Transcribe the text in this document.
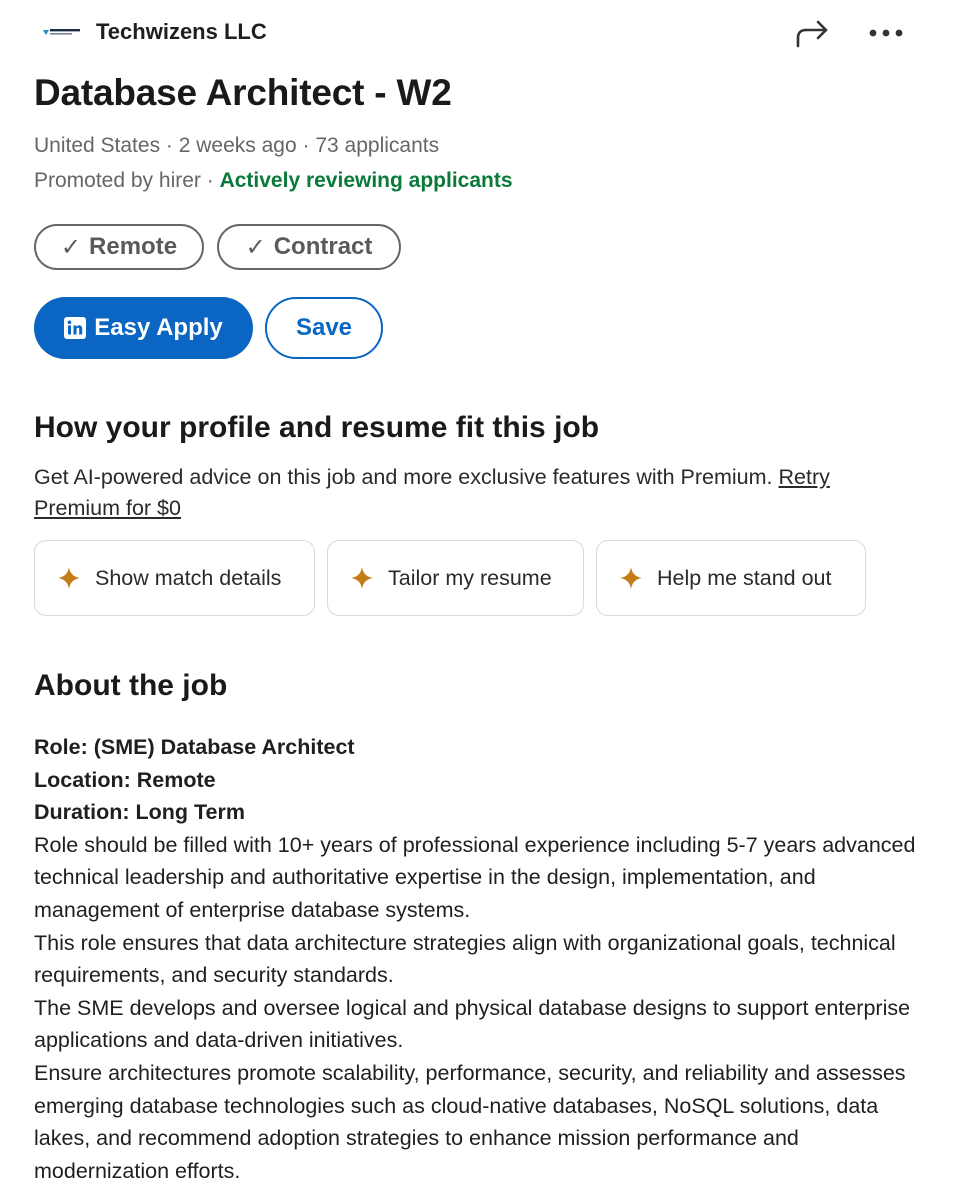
Techwizens LLC
Database Architect - W2
United States · 2 weeks ago · 73 applicants
Promoted by hirer · Actively reviewing applicants
✓ Remote	✓ Contract
Easy Apply	Save
How your profile and resume fit this job
Get AI-powered advice on this job and more exclusive features with Premium. Retry Premium for $0
Show match details	Tailor my resume	Help me stand out
About the job
Role: (SME) Database Architect
Location: Remote
Duration: Long Term
Role should be filled with 10+ years of professional experience including 5-7 years advanced technical leadership and authoritative expertise in the design, implementation, and management of enterprise database systems.
This role ensures that data architecture strategies align with organizational goals, technical requirements, and security standards.
The SME develops and oversee logical and physical database designs to support enterprise applications and data-driven initiatives.
Ensure architectures promote scalability, performance, security, and reliability and assesses emerging database technologies such as cloud-native databases, NoSQL solutions, data lakes, and recommend adoption strategies to enhance mission performance and modernization efforts.
